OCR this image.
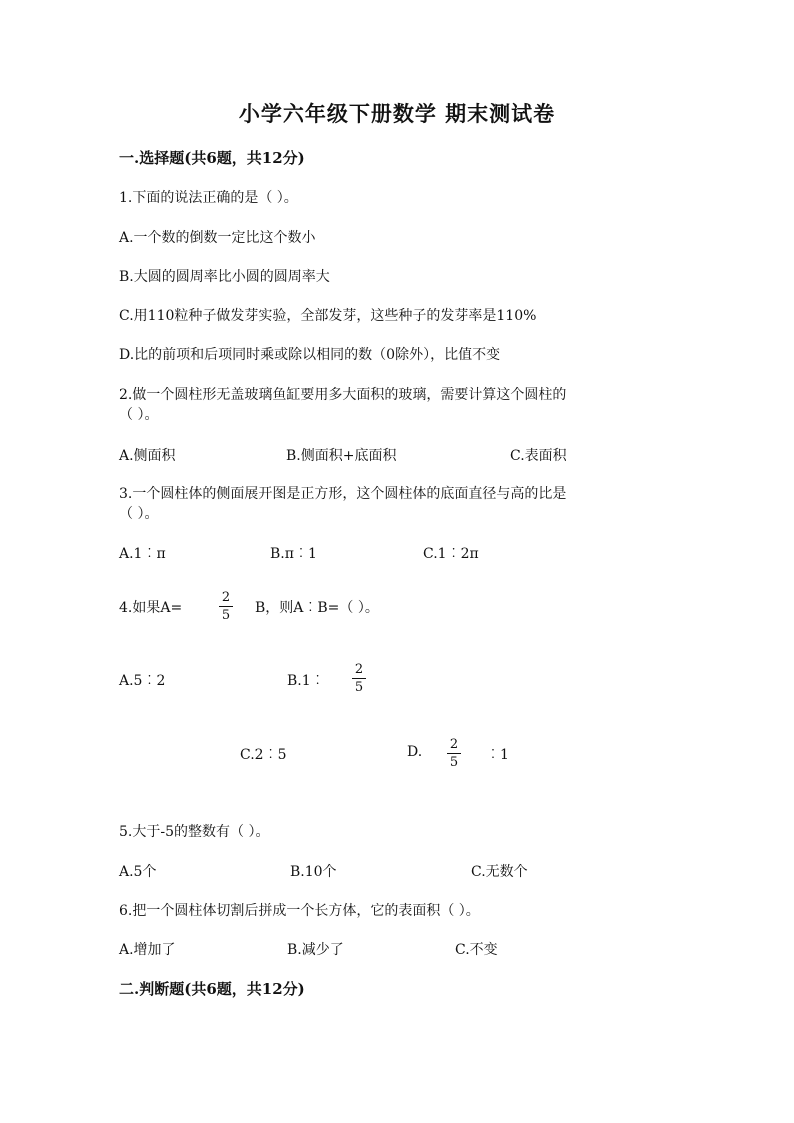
小学六年级下册数学 期末测试卷
一.选择题(共6题，共12分)
1.下面的说法正确的是（ ）。
A.一个数的倒数一定比这个数小
B.大圆的圆周率比小圆的圆周率大
C.用110粒种子做发芽实验，全部发芽，这些种子的发芽率是110%
D.比的前项和后项同时乘或除以相同的数（0除外），比值不变
2.做一个圆柱形无盖玻璃鱼缸要用多大面积的玻璃，需要计算这个圆柱的
（ ）。
A.侧面积	B.侧面积+底面积	C.表面积
3.一个圆柱体的侧面展开图是正方形，这个圆柱体的底面直径与高的比是
（ ）。
A.1︰π	B.π︰1	C.1︰2π
4.如果A=	$\frac{2}{5}$ B，则A︰B=（ ）。
A.5︰2	B.1︰ $\frac{2}{5}$
C.2︰5	D. $\frac{2}{5}$ ︰1
5.大于-5的整数有（ ）。
A.5个	B.10个	C.无数个
6.把一个圆柱体切割后拼成一个长方体，它的表面积（ ）。
A.增加了	B.减少了	C.不变
二.判断题(共6题，共12分)
